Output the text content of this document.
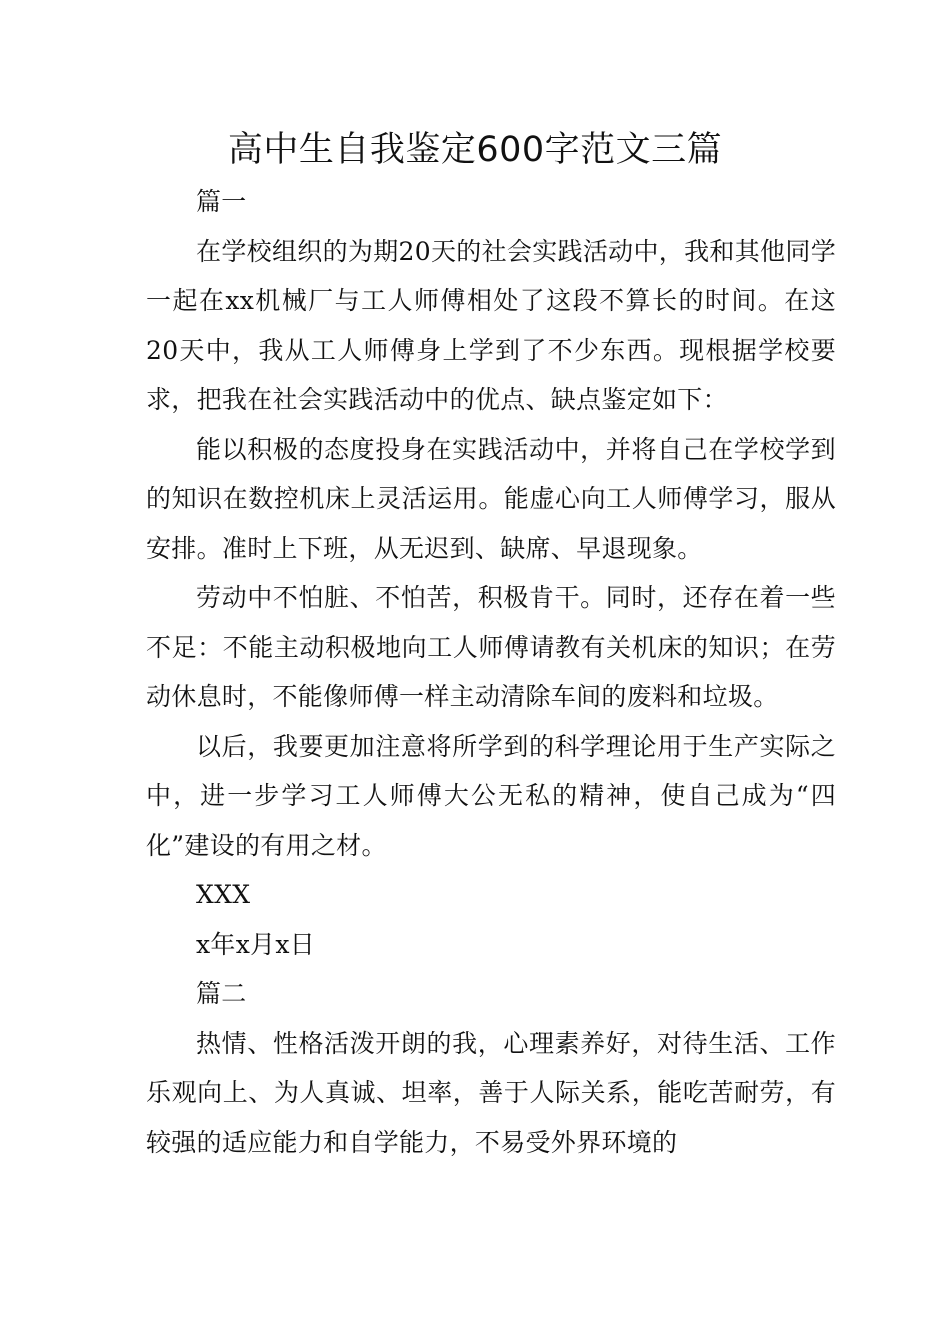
高中生自我鉴定600字范文三篇

篇一

在学校组织的为期20天的社会实践活动中，我和其他同学一起在xx机械厂与工人师傅相处了这段不算长的时间。在这20天中，我从工人师傅身上学到了不少东西。现根据学校要求，把我在社会实践活动中的优点、缺点鉴定如下：

能以积极的态度投身在实践活动中，并将自己在学校学到的知识在数控机床上灵活运用。能虚心向工人师傅学习，服从安排。准时上下班，从无迟到、缺席、早退现象。

劳动中不怕脏、不怕苦，积极肯干。同时，还存在着一些不足：不能主动积极地向工人师傅请教有关机床的知识；在劳动休息时，不能像师傅一样主动清除车间的废料和垃圾。

以后，我要更加注意将所学到的科学理论用于生产实际之中，进一步学习工人师傅大公无私的精神，使自己成为“四化”建设的有用之材。

XXX

x年x月x日

篇二

热情、性格活泼开朗的我，心理素养好，对待生活、工作乐观向上、为人真诚、坦率，善于人际关系，能吃苦耐劳，有较强的适应能力和自学能力，不易受外界环境的
